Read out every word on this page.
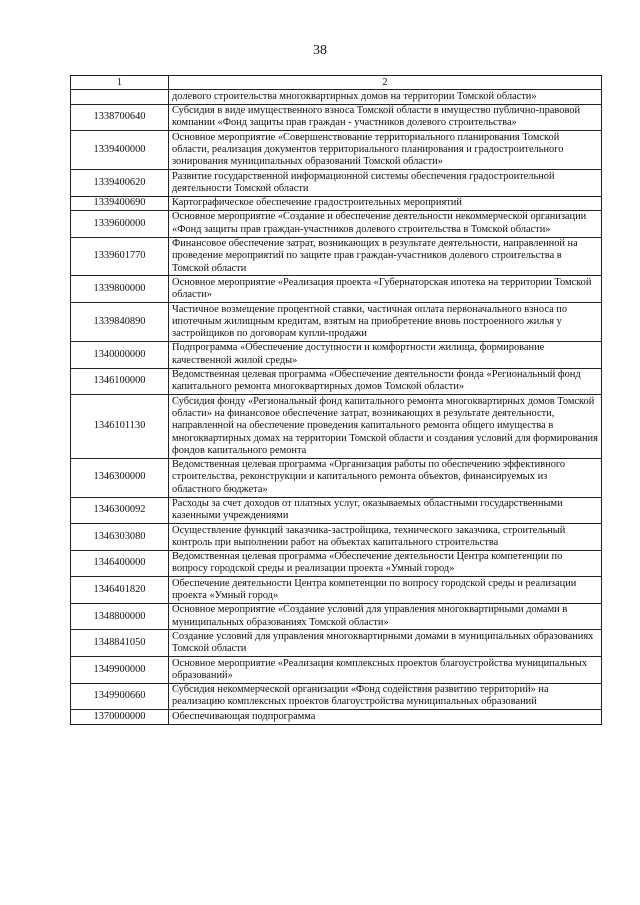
38
1	2
	долевого строительства многоквартирных домов на территории Томской области»
1338700640	Субсидия в виде имущественного взноса Томской области в имущество публично-правовой компании «Фонд защиты прав граждан - участников долевого строительства»
1339400000	Основное мероприятие «Совершенствование территориального планирования Томской области, реализация документов территориального планирования и градостроительного зонирования муниципальных образований Томской области»
1339400620	Развитие государственной информационной системы обеспечения градостроительной деятельности Томской области
1339400690	Картографическое обеспечение градостроительных мероприятий
1339600000	Основное мероприятие «Создание и обеспечение деятельности некоммерческой организации «Фонд защиты прав граждан-участников долевого строительства в Томской области»
1339601770	Финансовое обеспечение затрат, возникающих в результате деятельности, направленной на проведение мероприятий по защите прав граждан-участников долевого строительства в Томской области
1339800000	Основное мероприятие «Реализация проекта «Губернаторская ипотека на территории Томской области»
1339840890	Частичное возмещение процентной ставки, частичная оплата первоначального взноса по ипотечным жилищным кредитам, взятым на приобретение вновь построенного жилья у застройщиков по договорам купли-продажи
1340000000	Подпрограмма «Обеспечение доступности и комфортности жилища, формирование качественной жилой среды»
1346100000	Ведомственная целевая программа «Обеспечение деятельности фонда «Региональный фонд капитального ремонта многоквартирных домов Томской области»
1346101130	Субсидия фонду «Региональный фонд капитального ремонта многоквартирных домов Томской области» на финансовое обеспечение затрат, возникающих в результате деятельности, направленной на обеспечение проведения капитального ремонта общего имущества в многоквартирных домах на территории Томской области и создания условий для формирования фондов капитального ремонта
1346300000	Ведомственная целевая программа «Организация работы по обеспечению эффективного строительства, реконструкции и капитального ремонта объектов, финансируемых из областного бюджета»
1346300092	Расходы за счет доходов от платных услуг, оказываемых областными государственными казенными учреждениями
1346303080	Осуществление функций заказчика-застройщика, технического заказчика, строительный контроль при выполнении работ на объектах капитального строительства
1346400000	Ведомственная целевая программа «Обеспечение деятельности Центра компетенции по вопросу городской среды и реализации проекта «Умный город»
1346401820	Обеспечение деятельности Центра компетенции по вопросу городской среды и реализации проекта «Умный город»
1348800000	Основное мероприятие «Создание условий для управления многоквартирными домами в муниципальных образованиях Томской области»
1348841050	Создание условий для управления многоквартирными домами в муниципальных образованиях Томской области
1349900000	Основное мероприятие «Реализация комплексных проектов благоустройства муниципальных образований»
1349900660	Субсидия некоммерческой организации «Фонд содействия развитию территорий» на реализацию комплексных проектов благоустройства муниципальных образований
1370000000	Обеспечивающая подпрограмма
